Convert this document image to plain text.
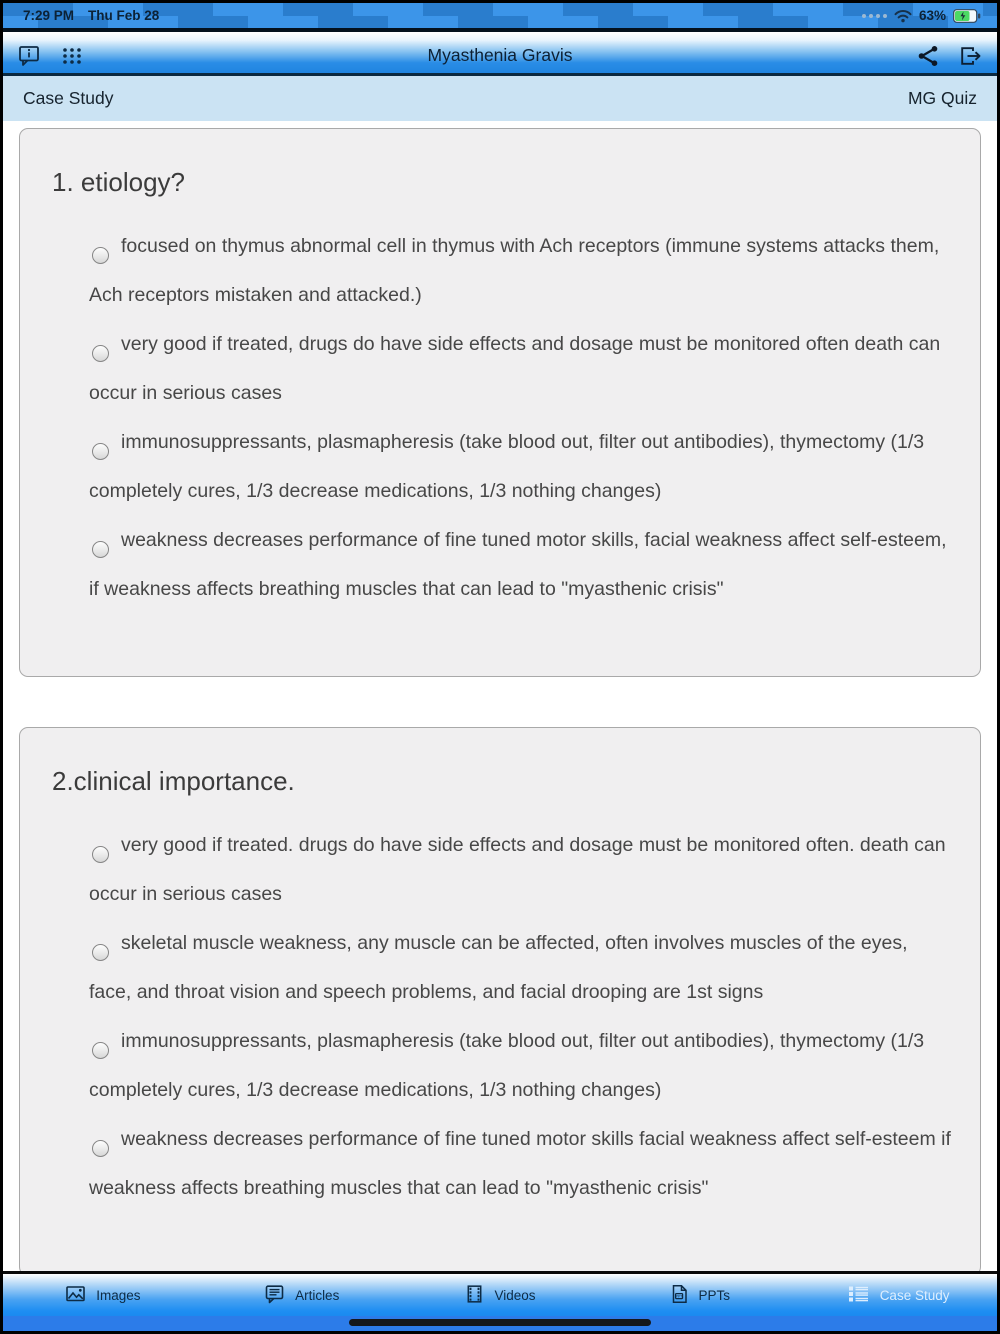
7:29 PM Thu Feb 28	63%
Myasthenia Gravis
Case Study	MG Quiz
1. etiology?
focused on thymus abnormal cell in thymus with Ach receptors (immune systems attacks them, Ach receptors mistaken and attacked.)
very good if treated, drugs do have side effects and dosage must be monitored often death can occur in serious cases
immunosuppressants, plasmapheresis (take blood out, filter out antibodies), thymectomy (1/3 completely cures, 1/3 decrease medications, 1/3 nothing changes)
weakness decreases performance of fine tuned motor skills, facial weakness affect self-esteem, if weakness affects breathing muscles that can lead to "myasthenic crisis"
2.clinical importance.
very good if treated. drugs do have side effects and dosage must be monitored often. death can occur in serious cases
skeletal muscle weakness, any muscle can be affected, often involves muscles of the eyes, face, and throat vision and speech problems, and facial drooping are 1st signs
immunosuppressants, plasmapheresis (take blood out, filter out antibodies), thymectomy (1/3 completely cures, 1/3 decrease medications, 1/3 nothing changes)
weakness decreases performance of fine tuned motor skills facial weakness affect self-esteem if weakness affects breathing muscles that can lead to "myasthenic crisis"
Images	Articles	Videos	PPT PPTs	Case Study
